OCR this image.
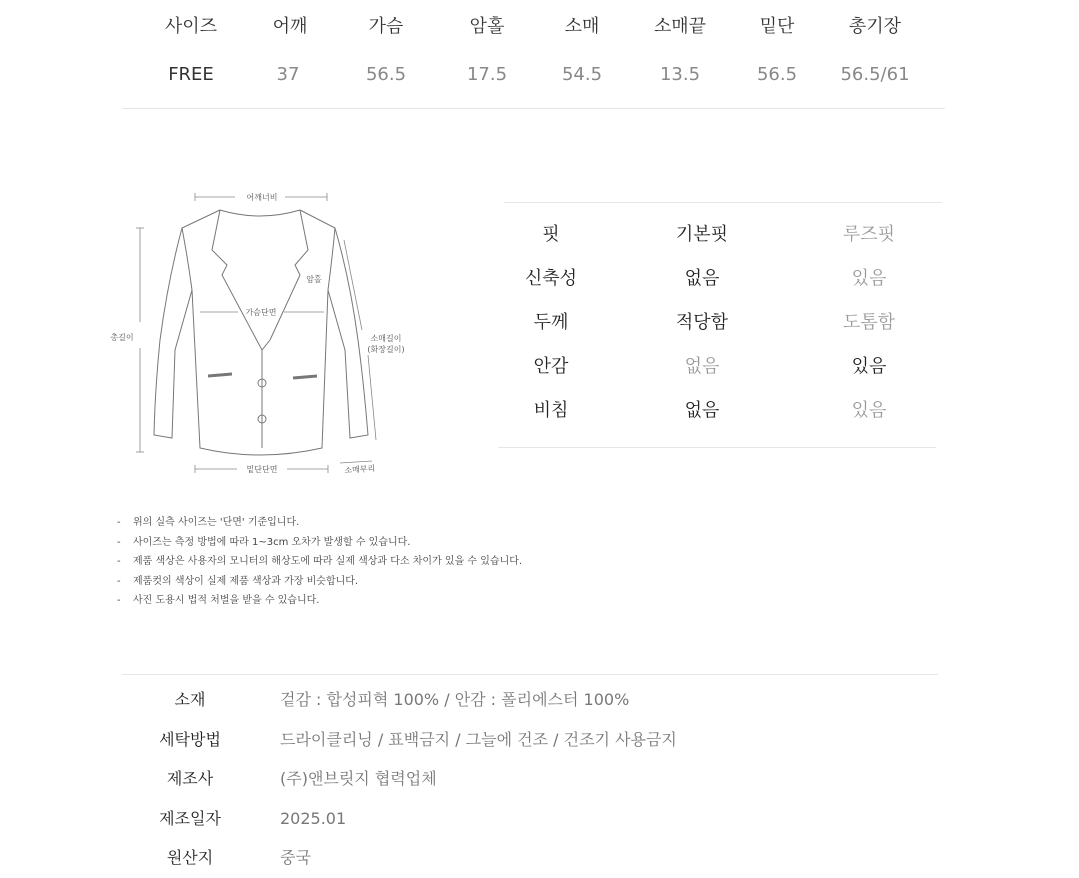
사이즈	어깨	가슴	암홀	소매	소매끝	밑단	총기장
FREE	37	56.5	17.5	54.5	13.5	56.5	56.5/61
어깨너비
암홀
가슴단면
총길이	소매길이
(화장길이)
밑단단면	소매부리
핏	기본핏	루즈핏
신축성	없음	있음
두께	적당함	도톰함
안감	없음	있음
비침	없음	있음
- 위의 실측 사이즈는 '단면' 기준입니다.
- 사이즈는 측정 방법에 따라 1~3cm 오차가 발생할 수 있습니다.
- 제품 색상은 사용자의 모니터의 해상도에 따라 실제 색상과 다소 차이가 있을 수 있습니다.
- 제품컷의 색상이 실제 제품 색상과 가장 비슷합니다.
- 사진 도용시 법적 처벌을 받을 수 있습니다.
소재	겉감 : 합성피혁 100% / 안감 : 폴리에스터 100%
세탁방법	드라이클리닝 / 표백금지 / 그늘에 건조 / 건조기 사용금지
제조사	(주)앤브릿지 협력업체
제조일자	2025.01
원산지	중국
